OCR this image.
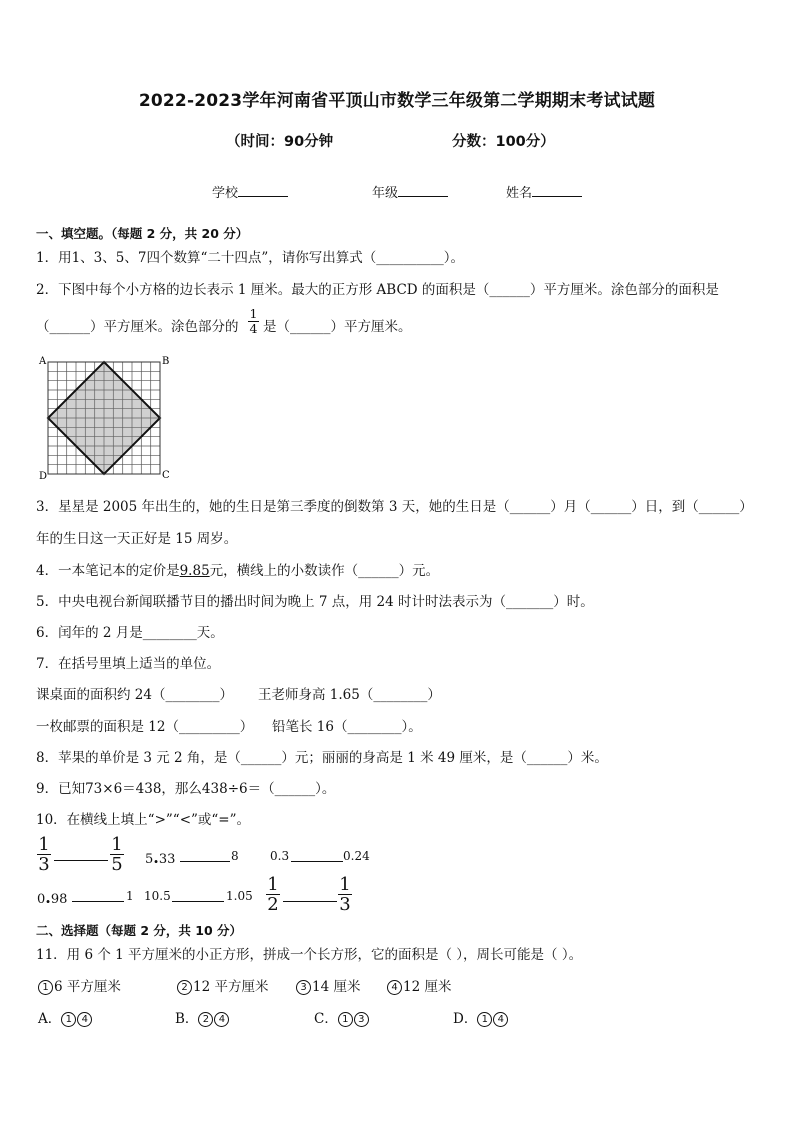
2022-2023学年河南省平顶山市数学三年级第二学期期末考试试题
（时间：90分钟	分数：100分）
学校	年级	姓名
一、填空题。（每题 2 分，共 20 分）
1．用1、3、5、7四个数算“二十四点”，请你写出算式（__________）。
2．下图中每个小方格的边长表示 1 厘米。最大的正方形 ABCD 的面积是（______）平方厘米。涂色部分的面积是
（______）平方厘米。涂色部分的
1
4 是（______）平方厘米。
A	B
C
D
3．星星是 2005 年出生的，她的生日是第三季度的倒数第 3 天，她的生日是（______）月（______）日，到（______）
年的生日这一天正好是 15 周岁。
4．一本笔记本的定价是9.85元，横线上的小数读作（______）元。
5．中央电视台新闻联播节目的播出时间为晚上 7 点，用 24 时计时法表示为（_______）时。
6．闰年的 2 月是________天。
7．在括号里填上适当的单位。
课桌面的面积约 24（________） 王老师身高 1.65（________）
一枚邮票的面积是 12（_________） 铅笔长 16（________）。
8．苹果的单价是 3 元 2 角，是（______）元；丽丽的身高是 1 米 49 厘米，是（______）米。
9．已知73×6＝438，那么438÷6＝（______）。
10．在横线上填上“>”“<”或“=”。
1
3
1
5 5.33	8	0.3	0.24
0.98	1 10.5	1.05
1
2
1
3
二、选择题（每题 2 分，共 10 分）
11．用 6 个 1 平方厘米的小正方形，拼成一个长方形，它的面积是（ ），周长可能是（ ）。
1 6 平方厘米	2 12 平方厘米	3 14 厘米	4 12 厘米
A． 1 4	B． 2 4	C． 1 3	D． 1 4
